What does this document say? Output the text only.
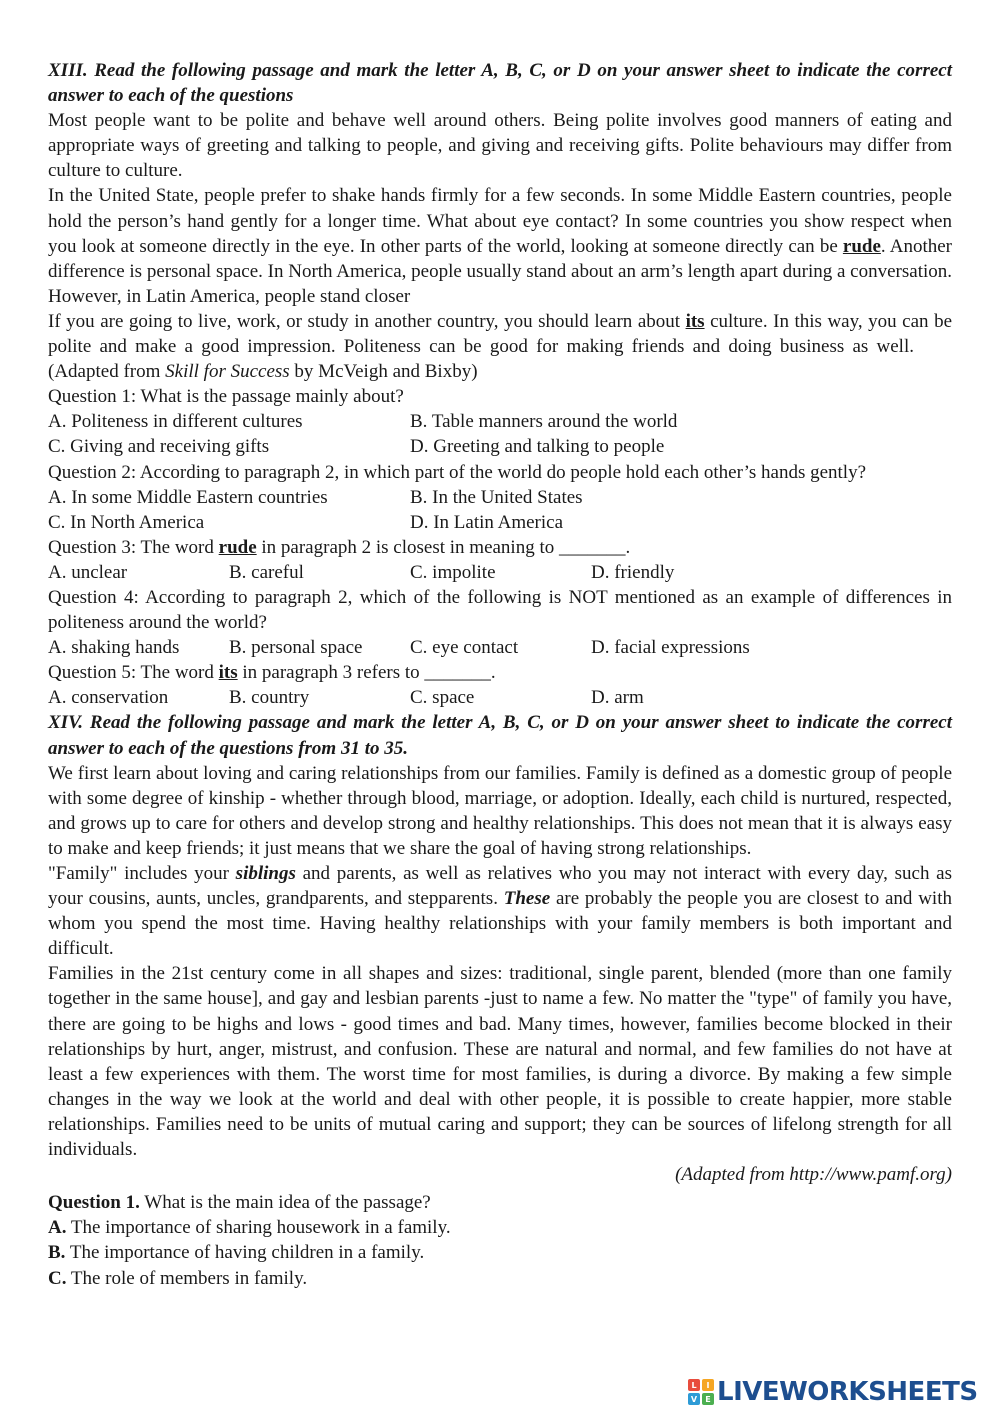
XIII. Read the following passage and mark the letter A, B, C, or D on your answer sheet to indicate the correct answer to each of the questions

Most people want to be polite and behave well around others. Being polite involves good manners of eating and appropriate ways of greeting and talking to people, and giving and receiving gifts. Polite behaviours may differ from culture to culture.

In the United State, people prefer to shake hands firmly for a few seconds. In some Middle Eastern countries, people hold the person’s hand gently for a longer time. What about eye contact? In some countries you show respect when you look at someone directly in the eye. In other parts of the world, looking at someone directly can be rude. Another difference is personal space. In North America, people usually stand about an arm’s length apart during a conversation. However, in Latin America, people stand closer

If you are going to live, work, or study in another country, you should learn about its culture. In this way, you can be polite and make a good impression. Politeness can be good for making friends and doing business as well.(Adapted from Skill for Success by McVeigh and Bixby)

Question 1: What is the passage mainly about?
A. Politeness in different cultures	B. Table manners around the world
C. Giving and receiving gifts	D. Greeting and talking to people
Question 2: According to paragraph 2, in which part of the world do people hold each other’s hands gently?
A. In some Middle Eastern countries	B. In the United States
C. In North America	D. In Latin America
Question 3: The word rude in paragraph 2 is closest in meaning to _______.
A. unclear	B. careful	C. impolite	D. friendly
Question 4: According to paragraph 2, which of the following is NOT mentioned as an example of differences in politeness around the world?
A. shaking hands	B. personal space	C. eye contact	D. facial expressions
Question 5: The word its in paragraph 3 refers to _______.
A. conservation	B. country	C. space	D. arm
XIV. Read the following passage and mark the letter A, B, C, or D on your answer sheet to indicate the correct answer to each of the questions from 31 to 35.

We first learn about loving and caring relationships from our families. Family is defined as a domestic group of people with some degree of kinship - whether through blood, marriage, or adoption. Ideally, each child is nurtured, respected, and grows up to care for others and develop strong and healthy relationships. This does not mean that it is always easy to make and keep friends; it just means that we share the goal of having strong relationships.

"Family" includes your siblings and parents, as well as relatives who you may not interact with every day, such as your cousins, aunts, uncles, grandparents, and stepparents. These are probably the people you are closest to and with whom you spend the most time. Having healthy relationships with your family members is both important and difficult.

Families in the 21st century come in all shapes and sizes: traditional, single parent, blended (more than one family together in the same house], and gay and lesbian parents -just to name a few. No matter the "type" of family you have, there are going to be highs and lows - good times and bad. Many times, however, families become blocked in their relationships by hurt, anger, mistrust, and confusion. These are natural and normal, and few families do not have at least a few experiences with them. The worst time for most families, is during a divorce. By making a few simple changes in the way we look at the world and deal with other people, it is possible to create happier, more stable relationships. Families need to be units of mutual caring and support; they can be sources of lifelong strength for all individuals.

(Adapted from http://www.pamf.org)
Question 1. What is the main idea of the passage?
A. The importance of sharing housework in a family.
B. The importance of having children in a family.
C. The role of members in family.
L	I
V	E LIVEWORKSHEETS
